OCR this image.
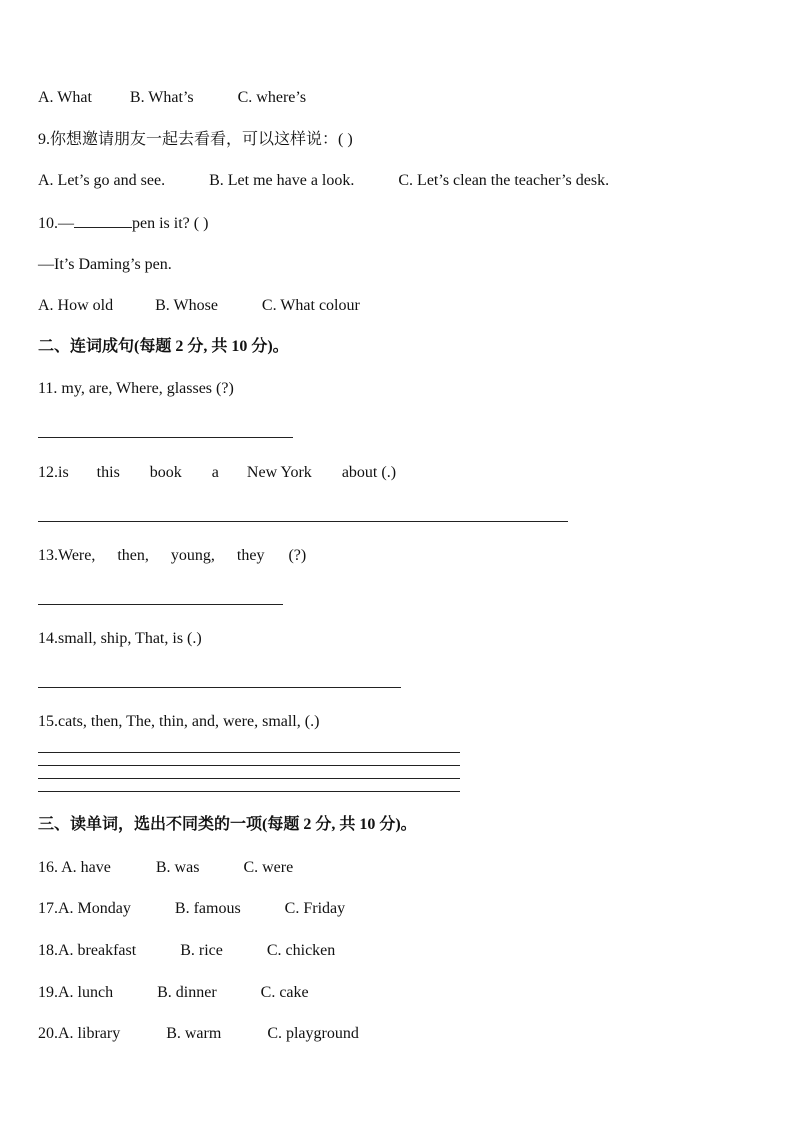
A. What B. What’s	C. where’s
9.你想邀请朋友一起去看看，可以这样说：( )
A. Let’s go and see.	B. Let me have a look.	C. Let’s clean the teacher’s desk.
10.—	pen is it? ( )
—It’s Daming’s pen.
A. How old	B. Whose	C. What colour
二、连词成句(每题 2 分, 共 10 分)。
11. my, are, Where, glasses (?)
12.is this book a New York about (.)
13.Were, then, young, they (?)
14.small, ship, That, is (.)
15.cats, then, The, thin, and, were, small, (.)
三、读单词，选出不同类的一项(每题 2 分, 共 10 分)。
16. A. have	B. was	C. were
17.A. Monday	B. famous	C. Friday
18.A. breakfast	B. rice	C. chicken
19.A. lunch	B. dinner	C. cake
20.A. library	B. warm	C. playground
